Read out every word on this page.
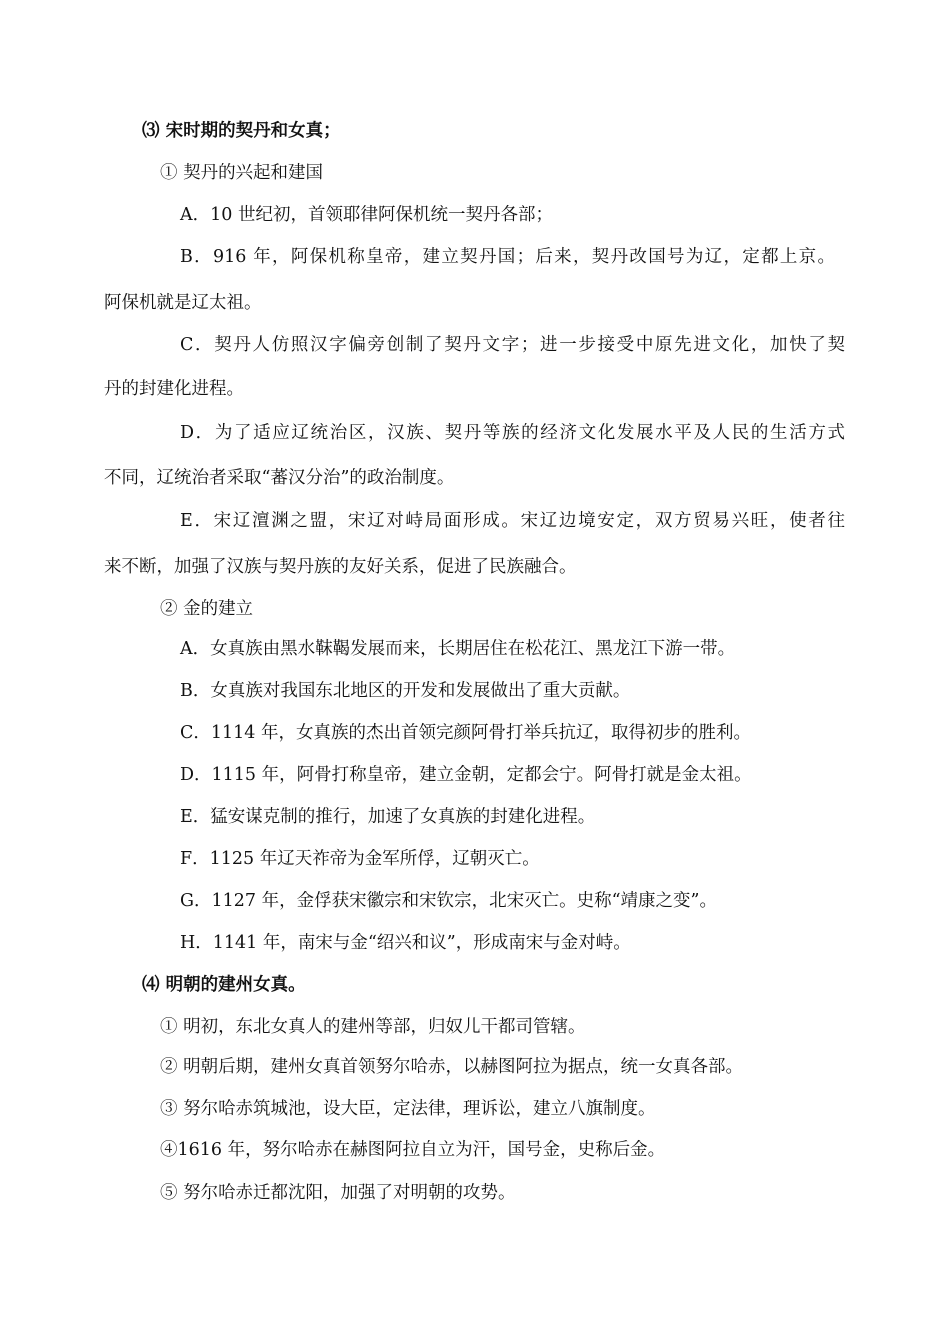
⑶ 宋时期的契丹和女真；
① 契丹的兴起和建国
A．10 世纪初，首领耶律阿保机统一契丹各部；
B．916 年，阿保机称皇帝，建立契丹国；后来，契丹改国号为辽，定都上京。
阿保机就是辽太祖。
C．契丹人仿照汉字偏旁创制了契丹文字；进一步接受中原先进文化，加快了契
丹的封建化进程。
D．为了适应辽统治区，汉族、契丹等族的经济文化发展水平及人民的生活方式
不同，辽统治者采取“蕃汉分治”的政治制度。
E．宋辽澶渊之盟，宋辽对峙局面形成。宋辽边境安定，双方贸易兴旺，使者往
来不断，加强了汉族与契丹族的友好关系，促进了民族融合。
② 金的建立
A．女真族由黑水靺鞨发展而来，长期居住在松花江、黑龙江下游一带。
B．女真族对我国东北地区的开发和发展做出了重大贡献。
C．1114 年，女真族的杰出首领完颜阿骨打举兵抗辽，取得初步的胜利。
D．1115 年，阿骨打称皇帝，建立金朝，定都会宁。阿骨打就是金太祖。
E．猛安谋克制的推行，加速了女真族的封建化进程。
F．1125 年辽天祚帝为金军所俘，辽朝灭亡。
G．1127 年，金俘获宋徽宗和宋钦宗，北宋灭亡。史称“靖康之变”。
H．1141 年，南宋与金“绍兴和议”，形成南宋与金对峙。
⑷ 明朝的建州女真。
① 明初，东北女真人的建州等部，归奴儿干都司管辖。
② 明朝后期，建州女真首领努尔哈赤，以赫图阿拉为据点，统一女真各部。
③ 努尔哈赤筑城池，设大臣，定法律，理诉讼，建立八旗制度。
④1616 年，努尔哈赤在赫图阿拉自立为汗，国号金，史称后金。
⑤ 努尔哈赤迁都沈阳，加强了对明朝的攻势。
